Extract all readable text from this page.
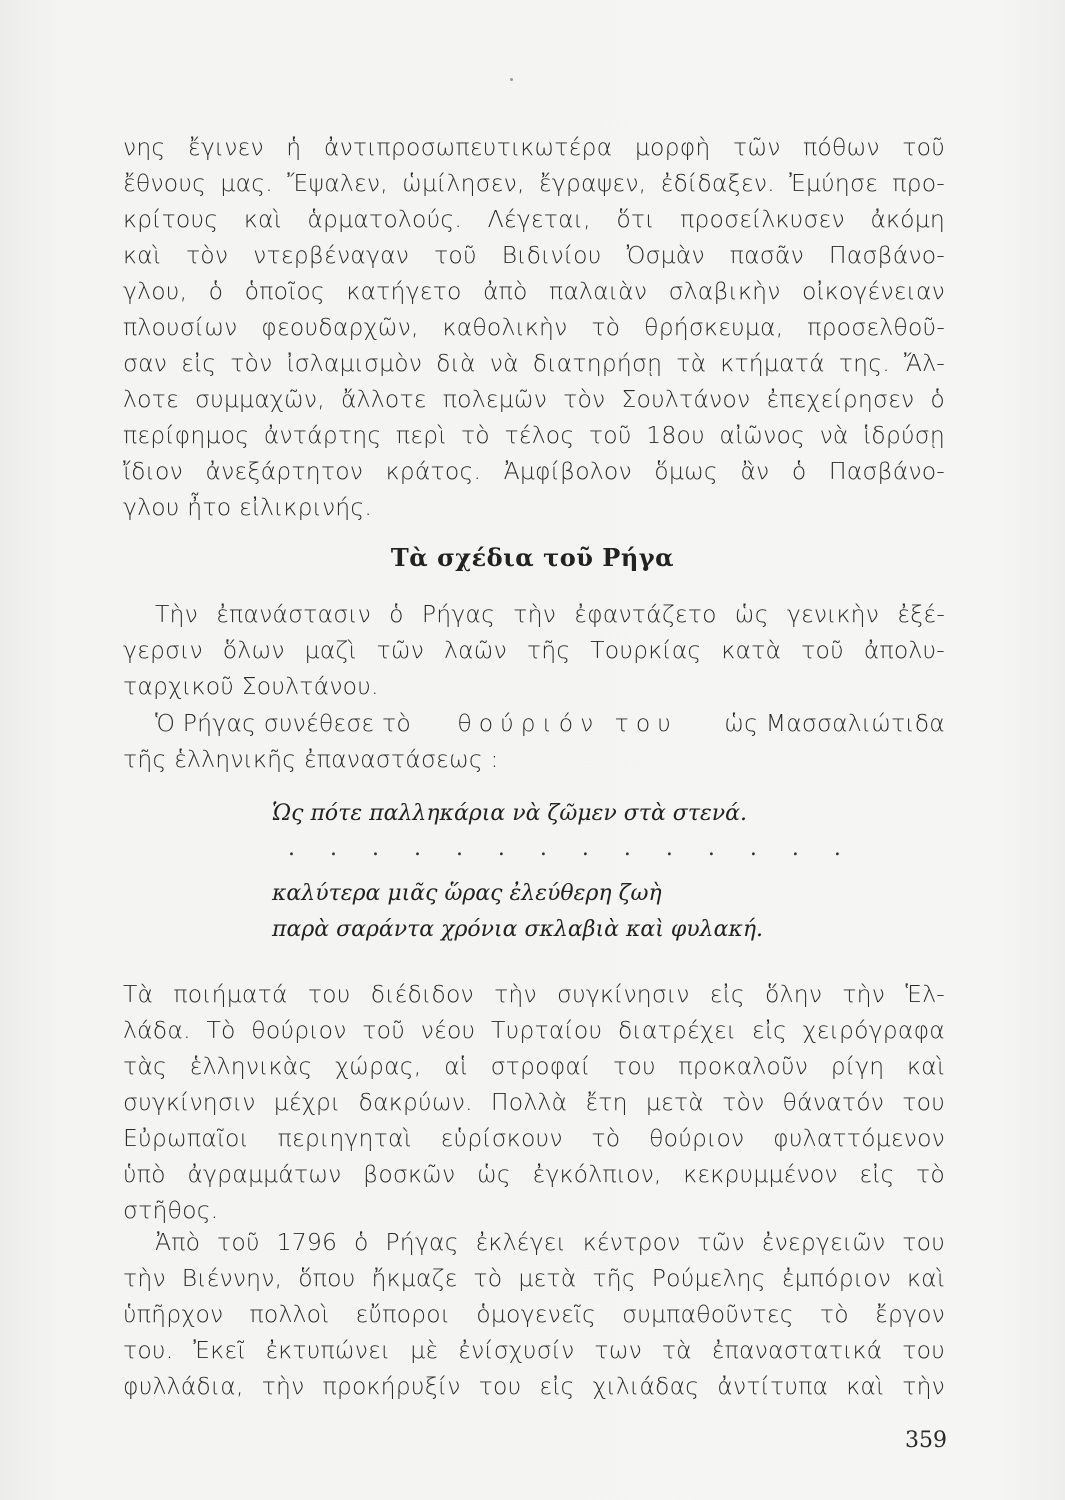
νης ἔγινεν ἡ ἀντιπροσωπευτικωτέρα μορφὴ τῶν πόθων τοῦ
ἔθνους μας. Ἔψαλεν, ὡμίλησεν, ἔγραψεν, ἐδίδαξεν. Ἐμύησε προ-
κρίτους καὶ ἁρματολούς. Λέγεται, ὅτι προσείλκυσεν ἀκόμη
καὶ τὸν ντερβέναγαν τοῦ Βιδινίου Ὀσμὰν πασᾶν Πασβάνο-
γλου, ὁ ὁποῖος κατήγετο ἀπὸ παλαιὰν σλαβικὴν οἰκογένειαν
πλουσίων φεουδαρχῶν, καθολικὴν τὸ θρήσκευμα, προσελθοῦ-
σαν εἰς τὸν ἰσλαμισμὸν διὰ νὰ διατηρήσῃ τὰ κτήματά της. Ἄλ-
λοτε συμμαχῶν, ἄλλοτε πολεμῶν τὸν Σουλτάνον ἐπεχείρησεν ὁ
περίφημος ἀντάρτης περὶ τὸ τέλος τοῦ 18ου αἰῶνος νὰ ἱδρύσῃ
ἴδιον ἀνεξάρτητον κράτος. Ἀμφίβολον ὅμως ἂν ὁ Πασβάνο-
γλου ἦτο εἰλικρινής.
Τὰ σχέδια τοῦ Ρήγα
Τὴν ἐπανάστασιν ὁ Ρήγας τὴν ἐφαντάζετο ὡς γενικὴν ἐξέ-
γερσιν ὅλων μαζὶ τῶν λαῶν τῆς Τουρκίας κατὰ τοῦ ἀπολυ-
ταρχικοῦ Σουλτάνου.
Ὁ Ρήγας συνέθεσε τὸ θούριόν του ὡς Μασσαλιώτιδα
τῆς ἑλληνικῆς ἐπαναστάσεως :
Ὡς πότε παλληκάρια νὰ ζῶμεν στὰ στενά.
καλύτερα μιᾶς ὥρας ἐλεύθερη ζωὴ
παρὰ σαράντα χρόνια σκλαβιὰ καὶ φυλακή.
. . . . . . . . . . . . . .
Τὰ ποιήματά του διέδιδον τὴν συγκίνησιν εἰς ὅλην τὴν Ἑλ-
λάδα. Τὸ θούριον τοῦ νέου Τυρταίου διατρέχει εἰς χειρόγραφα
τὰς ἑλληνικὰς χώρας, αἱ στροφαί του προκαλοῦν ρίγη καὶ
συγκίνησιν μέχρι δακρύων. Πολλὰ ἔτη μετὰ τὸν θάνατόν του
Εὐρωπαῖοι περιηγηταὶ εὑρίσκουν τὸ θούριον φυλαττόμενον
ὑπὸ ἀγραμμάτων βοσκῶν ὡς ἐγκόλπιον, κεκρυμμένον εἰς τὸ
στῆθος.
Ἀπὸ τοῦ 1796 ὁ Ρήγας ἐκλέγει κέντρον τῶν ἐνεργειῶν του
τὴν Βιέννην, ὅπου ἤκμαζε τὸ μετὰ τῆς Ρούμελης ἐμπόριον καὶ
ὑπῆρχον πολλοὶ εὔποροι ὁμογενεῖς συμπαθοῦντες τὸ ἔργον
του. Ἐκεῖ ἐκτυπώνει μὲ ἐνίσχυσίν των τὰ ἐπαναστατικά του
φυλλάδια, τὴν προκήρυξίν του εἰς χιλιάδας ἀντίτυπα καὶ τὴν
359
